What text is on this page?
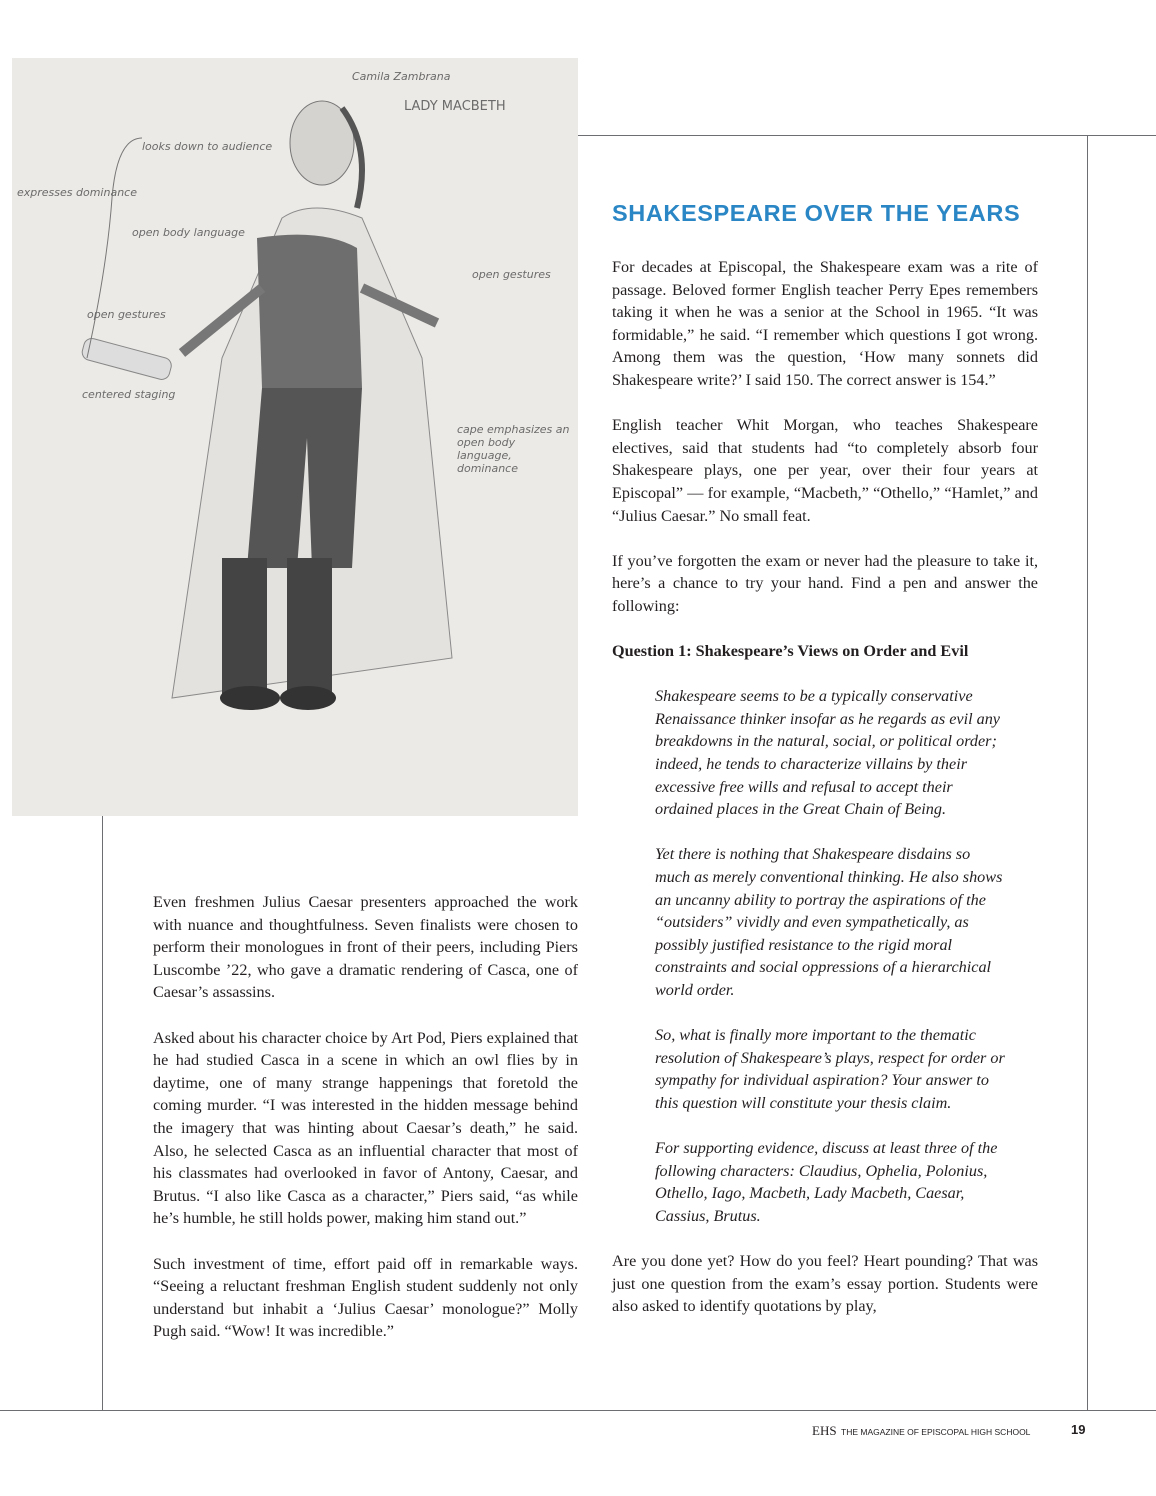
Camila Zambrana
LADY MACBETH
looks down to audience
expresses dominance
open body language
open gestures
open gestures
centered staging
cape emphasizes an open body language, dominance
SHAKESPEARE OVER THE YEARS

For decades at Episcopal, the Shakespeare exam was a rite of passage. Beloved former English teacher Perry Epes remembers taking it when he was a senior at the School in 1965. “It was formidable,” he said. “I remember which questions I got wrong. Among them was the question, ‘How many sonnets did Shakespeare write?’ I said 150. The correct answer is 154.”

English teacher Whit Morgan, who teaches Shakespeare electives, said that students had “to completely absorb four Shakespeare plays, one per year, over their four years at Episcopal” — for example, “Macbeth,” “Othello,” “Hamlet,” and “Julius Caesar.” No small feat.

If you’ve forgotten the exam or never had the pleasure to take it, here’s a chance to try your hand. Find a pen and answer the following:

Question 1: Shakespeare’s Views on Order and Evil

Shakespeare seems to be a typically conservative Renaissance thinker insofar as he regards as evil any breakdowns in the natural, social, or political order; indeed, he tends to characterize villains by their excessive free wills and refusal to accept their ordained places in the Great Chain of Being.

Yet there is nothing that Shakespeare disdains so much as merely conventional thinking. He also shows an uncanny ability to portray the aspirations of the “outsiders” vividly and even sympathetically, as possibly justified resistance to the rigid moral constraints and social oppressions of a hierarchical world order.

So, what is finally more important to the thematic resolution of Shakespeare’s plays, respect for order or sympathy for individual aspiration? Your answer to this question will constitute your thesis claim.

For supporting evidence, discuss at least three of the following characters: Claudius, Ophelia, Polonius, Othello, Iago, Macbeth, Lady Macbeth, Caesar, Cassius, Brutus.

Are you done yet? How do you feel? Heart pounding? That was just one question from the exam’s essay portion. Students were also asked to identify quotations by play,

Even freshmen Julius Caesar presenters approached the work with nuance and thoughtfulness. Seven finalists were chosen to perform their monologues in front of their peers, including Piers Luscombe ’22, who gave a dramatic rendering of Casca, one of Caesar’s assassins.

Asked about his character choice by Art Pod, Piers explained that he had studied Casca in a scene in which an owl flies by in daytime, one of many strange happenings that foretold the coming murder. “I was interested in the hidden message behind the imagery that was hinting about Caesar’s death,” he said. Also, he selected Casca as an influential character that most of his classmates had overlooked in favor of Antony, Caesar, and Brutus. “I also like Casca as a character,” Piers said, “as while he’s humble, he still holds power, making him stand out.”

Such investment of time, effort paid off in remarkable ways. “Seeing a reluctant freshman English student suddenly not only understand but inhabit a ‘Julius Caesar’ monologue?” Molly Pugh said. “Wow! It was incredible.”

EHS THE MAGAZINE OF EPISCOPAL HIGH SCHOOL	19
